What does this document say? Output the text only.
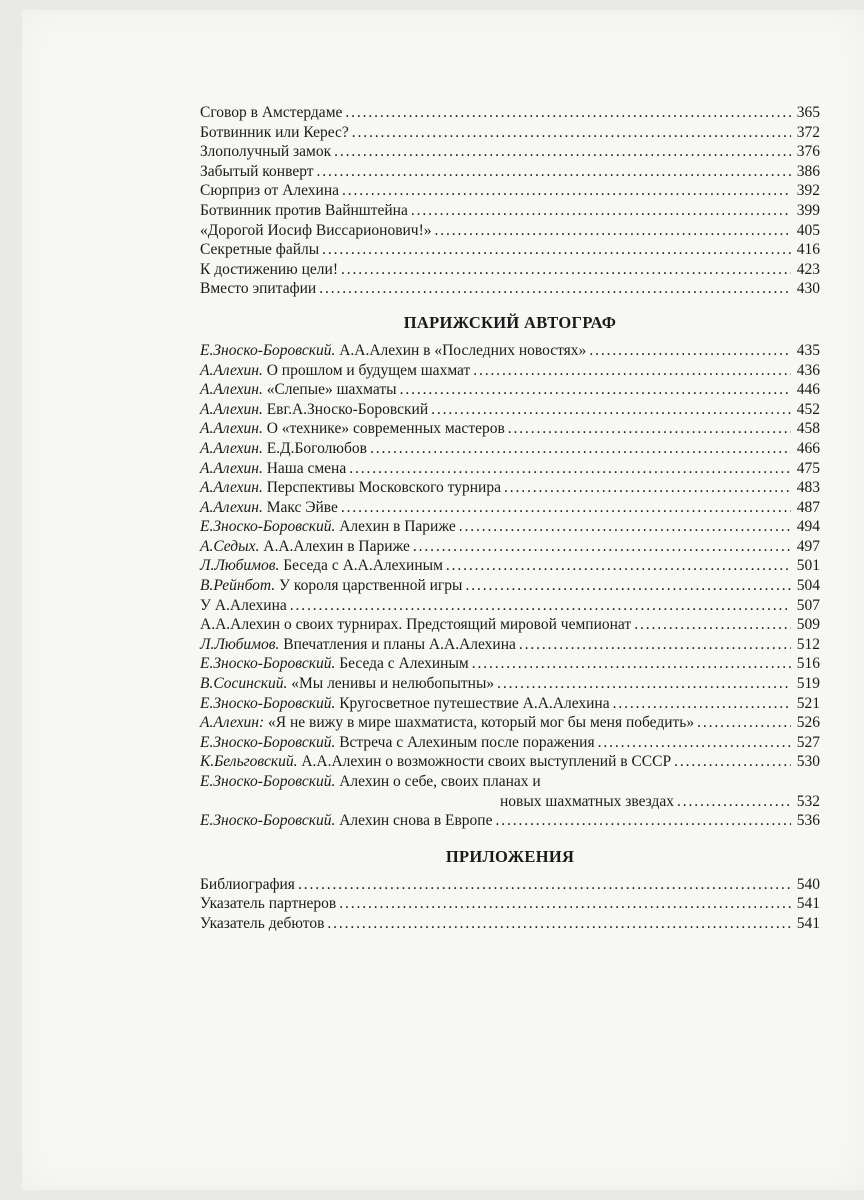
Сговор в Амстердаме . . .	365
Ботвинник или Керес? . . .	372
Злополучный замок . . .	376
Забытый конверт . . .	386
Сюрприз от Алехина . . .	392
Ботвинник против Вайнштейна . . .	399
«Дорогой Иосиф Виссарионович!» . . .	405
Секретные файлы . . .	416
К достижению цели! . . .	423
Вместо эпитафии . . .	430
ПАРИЖСКИЙ АВТОГРАФ
Е.Зноско-Боровский. А.А.Алехин в «Последних новостях» . . .	435
А.Алехин. О прошлом и будущем шахмат . . .	436
А.Алехин. «Слепые» шахматы . . .	446
А.Алехин. Евг.А.Зноско-Боровский . . .	452
А.Алехин. О «технике» современных мастеров . . .	458
А.Алехин. Е.Д.Боголюбов . . .	466
А.Алехин. Наша смена . . .	475
А.Алехин. Перспективы Московского турнира . . .	483
А.Алехин. Макс Эйве . . .	487
Е.Зноско-Боровский. Алехин в Париже . . .	494
А.Седых. А.А.Алехин в Париже . . .	497
Л.Любимов. Беседа с А.А.Алехиным . . .	501
В.Рейнбот. У короля царственной игры . . .	504
У А.Алехина . . .	507
А.А.Алехин о своих турнирах. Предстоящий мировой чемпионат . . .	509
Л.Любимов. Впечатления и планы А.А.Алехина . . .	512
Е.Зноско-Боровский. Беседа с Алехиным . . .	516
В.Сосинский. «Мы ленивы и нелюбопытны» . . .	519
Е.Зноско-Боровский. Кругосветное путешествие А.А.Алехина . . .	521
А.Алехин: «Я не вижу в мире шахматиста, который мог бы меня победить» . . .	526
Е.Зноско-Боровский. Встреча с Алехиным после поражения . . .	527
К.Бельговский. А.А.Алехин о возможности своих выступлений в СССР . . .	530
Е.Зноско-Боровский. Алехин о себе, своих планах и
новых шахматных звездах . . .	532
Е.Зноско-Боровский. Алехин снова в Европе . . .	536
ПРИЛОЖЕНИЯ
Библиография . . .	540
Указатель партнеров . . .	541
Указатель дебютов . . .	541
